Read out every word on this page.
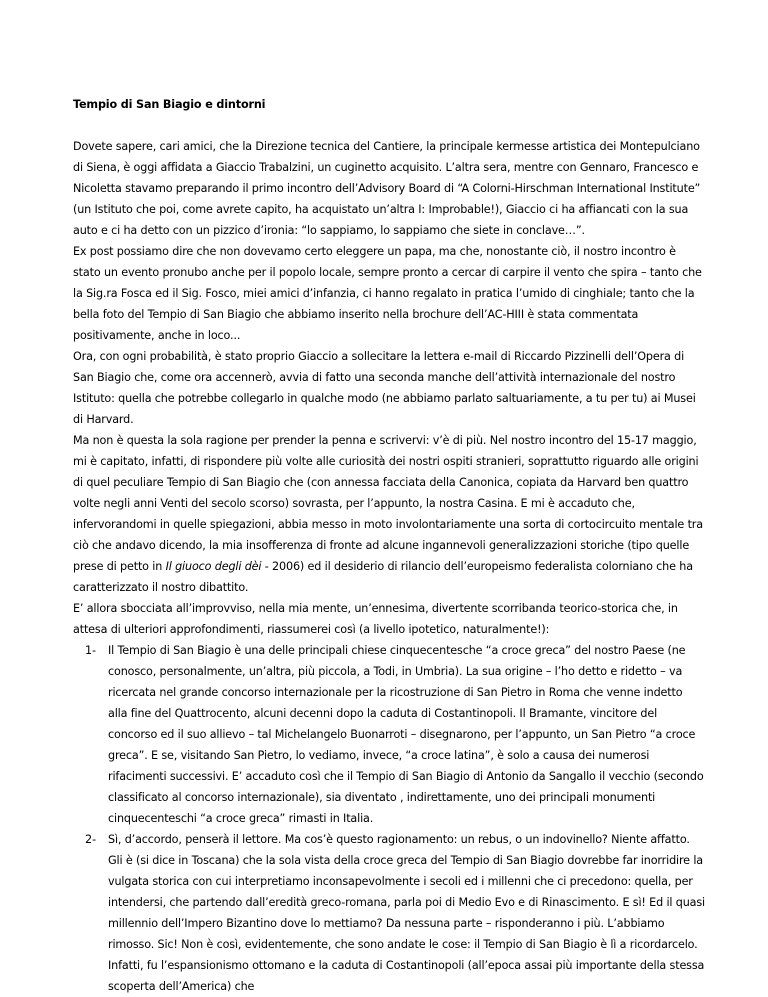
Tempio di San Biagio e dintorni

Dovete sapere, cari amici, che la Direzione tecnica del Cantiere, la principale kermesse artistica dei Montepulciano di Siena, è oggi affidata a Giaccio Trabalzini, un cuginetto acquisito. L’altra sera, mentre con Gennaro, Francesco e Nicoletta stavamo preparando il primo incontro dell’Advisory Board di “A Colorni-Hirschman International Institute” (un Istituto che poi, come avrete capito, ha acquistato un’altra I: Improbable!), Giaccio ci ha affiancati con la sua auto e ci ha detto con un pizzico d’ironia: “lo sappiamo, lo sappiamo che siete in conclave…”.

Ex post possiamo dire che non dovevamo certo eleggere un papa, ma che, nonostante ciò, il nostro incontro è stato un evento pronubo anche per il popolo locale, sempre pronto a cercar di carpire il vento che spira – tanto che la Sig.ra Fosca ed il Sig. Fosco, miei amici d’infanzia, ci hanno regalato in pratica l’umido di cinghiale; tanto che la bella foto del Tempio di San Biagio che abbiamo inserito nella brochure dell’AC-HIII è stata commentata positivamente, anche in loco...

Ora, con ogni probabilità, è stato proprio Giaccio a sollecitare la lettera e-mail di Riccardo Pizzinelli dell’Opera di San Biagio che, come ora accennerò, avvia di fatto una seconda manche dell’attività internazionale del nostro Istituto: quella che potrebbe collegarlo in qualche modo (ne abbiamo parlato saltuariamente, a tu per tu) ai Musei di Harvard.

Ma non è questa la sola ragione per prender la penna e scrivervi: v’è di più. Nel nostro incontro del 15-17 maggio, mi è capitato, infatti, di rispondere più volte alle curiosità dei nostri ospiti stranieri, soprattutto riguardo alle origini di quel peculiare Tempio di San Biagio che (con annessa facciata della Canonica, copiata da Harvard ben quattro volte negli anni Venti del secolo scorso) sovrasta, per l’appunto, la nostra Casina. E mi è accaduto che, infervorandomi in quelle spiegazioni, abbia messo in moto involontariamente una sorta di cortocircuito mentale tra ciò che andavo dicendo, la mia insofferenza di fronte ad alcune ingannevoli generalizzazioni storiche (tipo quelle prese di petto in Il giuoco degli dèi - 2006) ed il desiderio di rilancio dell’europeismo federalista colorniano che ha caratterizzato il nostro dibattito.

E’ allora sbocciata all’improvviso, nella mia mente, un’ennesima, divertente scorribanda teorico-storica che, in attesa di ulteriori approfondimenti, riassumerei così (a livello ipotetico, naturalmente!):

1- Il Tempio di San Biagio è una delle principali chiese cinquecentesche “a croce greca” del nostro Paese (ne conosco, personalmente, un’altra, più piccola, a Todi, in Umbria). La sua origine – l’ho detto e ridetto – va ricercata nel grande concorso internazionale per la ricostruzione di San Pietro in Roma che venne indetto alla fine del Quattrocento, alcuni decenni dopo la caduta di Costantinopoli. Il Bramante, vincitore del concorso ed il suo allievo – tal Michelangelo Buonarroti – disegnarono, per l’appunto, un San Pietro “a croce greca”. E se, visitando San Pietro, lo vediamo, invece, “a croce latina”, è solo a causa dei numerosi rifacimenti successivi. E’ accaduto così che il Tempio di San Biagio di Antonio da Sangallo il vecchio (secondo classificato al concorso internazionale), sia diventato , indirettamente, uno dei principali monumenti cinquecenteschi “a croce greca” rimasti in Italia.
2- Sì, d’accordo, penserà il lettore. Ma cos’è questo ragionamento: un rebus, o un indovinello? Niente affatto. Gli è (si dice in Toscana) che la sola vista della croce greca del Tempio di San Biagio dovrebbe far inorridire la vulgata storica con cui interpretiamo inconsapevolmente i secoli ed i millenni che ci precedono: quella, per intendersi, che partendo dall’eredità greco-romana, parla poi di Medio Evo e di Rinascimento. E sì! Ed il quasi millennio dell’Impero Bizantino dove lo mettiamo? Da nessuna parte – risponderanno i più. L’abbiamo rimosso. Sic! Non è così, evidentemente, che sono andate le cose: il Tempio di San Biagio è lì a ricordarcelo. Infatti, fu l’espansionismo ottomano e la caduta di Costantinopoli (all’epoca assai più importante della stessa scoperta dell’America) che
